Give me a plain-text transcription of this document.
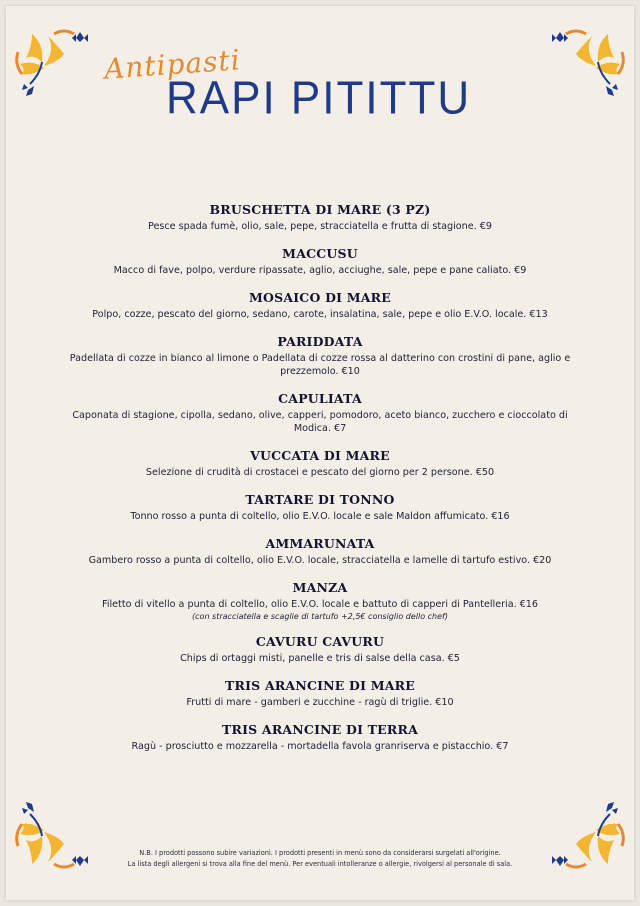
Antipasti
RAPI PITITTU
BRUSCHETTA DI MARE (3 PZ)
Pesce spada fumè, olio, sale, pepe, stracciatella e frutta di stagione. €9
MACCUSU
Macco di fave, polpo, verdure ripassate, aglio, acciughe, sale, pepe e pane caliato. €9
MOSAICO DI MARE
Polpo, cozze, pescato del giorno, sedano, carote, insalatina, sale, pepe e olio E.V.O. locale. €13
PARIDDATA
Padellata di cozze in bianco al limone o Padellata di cozze rossa al datterino con crostini di pane, aglio e prezzemolo. €10
CAPULIATA
Caponata di stagione, cipolla, sedano, olive, capperi, pomodoro, aceto bianco, zucchero e cioccolato di Modica. €7
VUCCATA DI MARE
Selezione di crudità di crostacei e pescato del giorno per 2 persone. €50
TARTARE DI TONNO
Tonno rosso a punta di coltello, olio E.V.O. locale e sale Maldon affumicato. €16
AMMARUNATA
Gambero rosso a punta di coltello, olio E.V.O. locale, stracciatella e lamelle di tartufo estivo. €20
MANZA
Filetto di vitello a punta di coltello, olio E.V.O. locale e battuto di capperi di Pantelleria. €16
(con stracciatella e scaglie di tartufo +2,5€ consiglio dello chef)
CAVURU CAVURU
Chips di ortaggi misti, panelle e tris di salse della casa. €5
TRIS ARANCINE DI MARE
Frutti di mare - gamberi e zucchine - ragù di triglie. €10
TRIS ARANCINE DI TERRA
Ragù - prosciutto e mozzarella - mortadella favola granriserva e pistacchio. €7
N.B. I prodotti possono subire variazioni. I prodotti presenti in menù sono da considerarsi surgelati all'origine.
La lista degli allergeni si trova alla fine del menù. Per eventuali intolleranze o allergie, rivolgersi al personale di sala.
